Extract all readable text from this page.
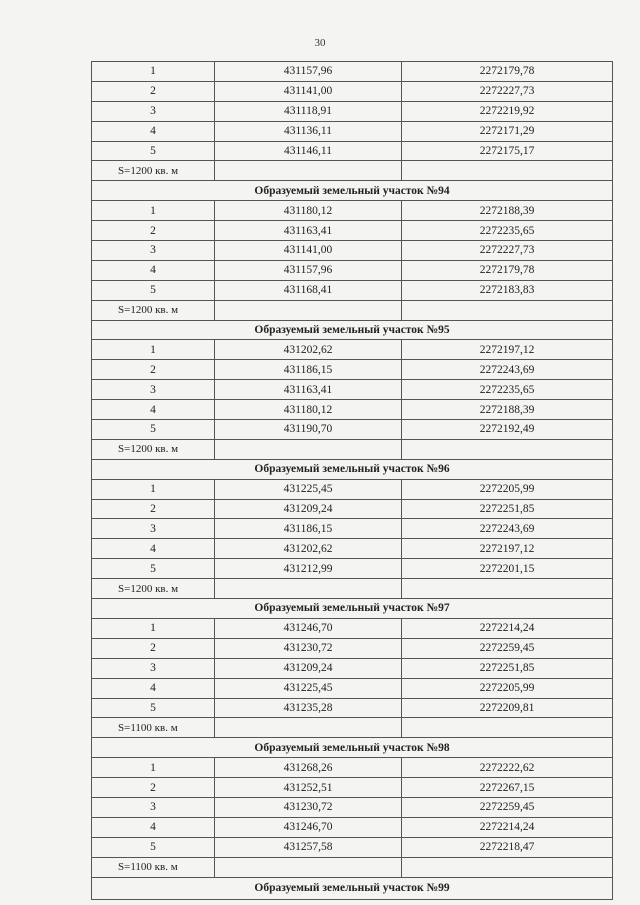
30
1	431157,96	2272179,78
2	431141,00	2272227,73
3	431118,91	2272219,92
4	431136,11	2272171,29
5	431146,11	2272175,17
S=1200 кв. м		
Образуемый земельный участок №94		
1	431180,12	2272188,39
2	431163,41	2272235,65
3	431141,00	2272227,73
4	431157,96	2272179,78
5	431168,41	2272183,83
S=1200 кв. м		
Образуемый земельный участок №95		
1	431202,62	2272197,12
2	431186,15	2272243,69
3	431163,41	2272235,65
4	431180,12	2272188,39
5	431190,70	2272192,49
S=1200 кв. м		
Образуемый земельный участок №96		
1	431225,45	2272205,99
2	431209,24	2272251,85
3	431186,15	2272243,69
4	431202,62	2272197,12
5	431212,99	2272201,15
S=1200 кв. м		
Образуемый земельный участок №97		
1	431246,70	2272214,24
2	431230,72	2272259,45
3	431209,24	2272251,85
4	431225,45	2272205,99
5	431235,28	2272209,81
S=1100 кв. м		
Образуемый земельный участок №98		
1	431268,26	2272222,62
2	431252,51	2272267,15
3	431230,72	2272259,45
4	431246,70	2272214,24
5	431257,58	2272218,47
S=1100 кв. м		
Образуемый земельный участок №99		
